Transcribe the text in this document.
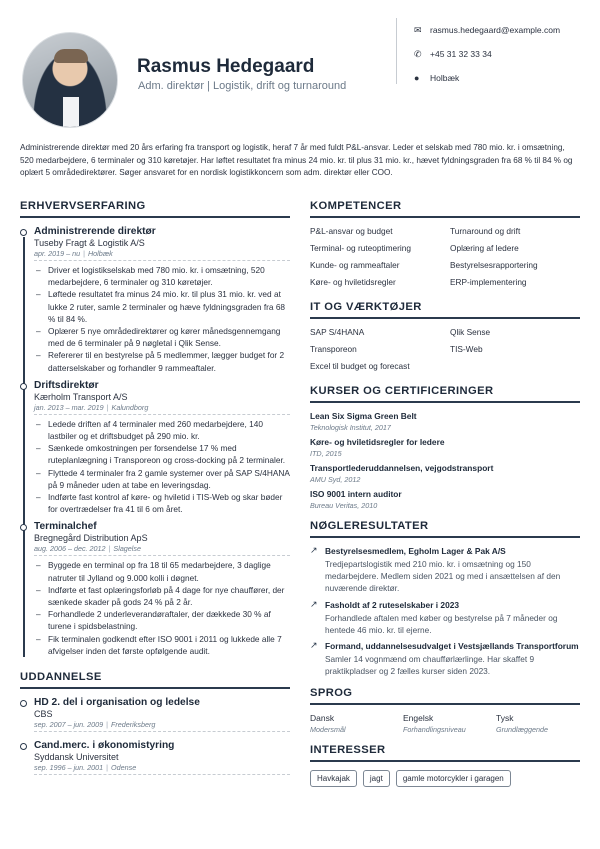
Rasmus Hedegaard
Adm. direktør | Logistik, drift og turnaround
✉ rasmus.hedegaard@example.com
✆ +45 31 32 33 34
●	Holbæk
Administrerende direktør med 20 års erfaring fra transport og logistik, heraf 7 år med fuldt P&L-ansvar. Leder et selskab med 780 mio. kr. i omsætning, 520 medarbejdere, 6 terminaler og 310 køretøjer. Har løftet resultatet fra minus 24 mio. kr. til plus 31 mio. kr., hævet fyldningsgraden fra 68 % til 84 % og oplært 5 områdedirektører. Søger ansvaret for en nordisk logistikkoncern som adm. direktør eller COO.
ERHVERVSERFARING
Administrerende direktør
Tuseby Fragt & Logistik A/S
apr. 2019 – nu | Holbæk
– Driver et logistikselskab med 780 mio. kr. i omsætning, 520 medarbejdere, 6 terminaler og 310 køretøjer.
– Løftede resultatet fra minus 24 mio. kr. til plus 31 mio. kr. ved at lukke 2 ruter, samle 2 terminaler og hæve fyldningsgraden fra 68 % til 84 %.
– Oplærer 5 nye områdedirektører og kører månedsgennemgang med de 6 terminaler på 9 nøgletal i Qlik Sense.
– Refererer til en bestyrelse på 5 medlemmer, lægger budget for 2 datterselskaber og forhandler 9 rammeaftaler.
Driftsdirektør
Kærholm Transport A/S
jan. 2013 – mar. 2019 | Kalundborg
– Ledede driften af 4 terminaler med 260 medarbejdere, 140 lastbiler og et driftsbudget på 290 mio. kr.
– Sænkede omkostningen per forsendelse 17 % med ruteplanlægning i Transporeon og cross-docking på 2 terminaler.
– Flyttede 4 terminaler fra 2 gamle systemer over på SAP S/4HANA på 9 måneder uden at tabe en leveringsdag.
– Indførte fast kontrol af køre- og hviletid i TIS-Web og skar bøder for overtrædelser fra 41 til 6 om året.
Terminalchef
Bregnegård Distribution ApS
aug. 2006 – dec. 2012 | Slagelse
– Byggede en terminal op fra 18 til 65 medarbejdere, 3 daglige natruter til Jylland og 9.000 kolli i døgnet.
– Indførte et fast oplæringsforløb på 4 dage for nye chauffører, der sænkede skader på gods 24 % på 2 år.
– Forhandlede 2 underleverandøraftaler, der dækkede 30 % af turene i spidsbelastning.
– Fik terminalen godkendt efter ISO 9001 i 2011 og lukkede alle 7 afvigelser inden det første opfølgende audit.
UDDANNELSE
HD 2. del i organisation og ledelse
CBS
sep. 2007 – jun. 2009 | Frederiksberg
Cand.merc. i økonomistyring
Syddansk Universitet
sep. 1996 – jun. 2001 | Odense
KOMPETENCER
P&L-ansvar og budget	Turnaround og drift
Terminal- og ruteoptimering	Oplæring af ledere
Kunde- og rammeaftaler	Bestyrelsesrapportering
Køre- og hviletidsregler	ERP-implementering
IT OG VÆRKTØJER
SAP S/4HANA	Qlik Sense
Transporeon	TIS-Web
Excel til budget og forecast
KURSER OG CERTIFICERINGER
Lean Six Sigma Green Belt
Teknologisk Institut, 2017
Køre- og hviletidsregler for ledere
ITD, 2015
Transportlederuddannelsen, vejgodstransport
AMU Syd, 2012
ISO 9001 intern auditor
Bureau Veritas, 2010
NØGLERESULTATER
↗ Bestyrelsesmedlem, Egholm Lager & Pak A/S
Tredjepartslogistik med 210 mio. kr. i omsætning og 150 medarbejdere. Medlem siden 2021 og med i ansættelsen af den nuværende direktør.
↗ Fasholdt af 2 ruteselskaber i 2023
Forhandlede aftalen med køber og bestyrelse på 7 måneder og hentede 46 mio. kr. til ejerne.
↗ Formand, uddannelsesudvalget i Vestsjællands Transportforum
Samler 14 vognmænd om chaufførlærlinge. Har skaffet 9 praktikpladser og 2 fælles kurser siden 2023.
SPROG
Dansk
Modersmål
Engelsk
Forhandlingsniveau
Tysk
Grundlæggende
INTERESSER
Havkajak	jagt	gamle motorcykler i garagen
